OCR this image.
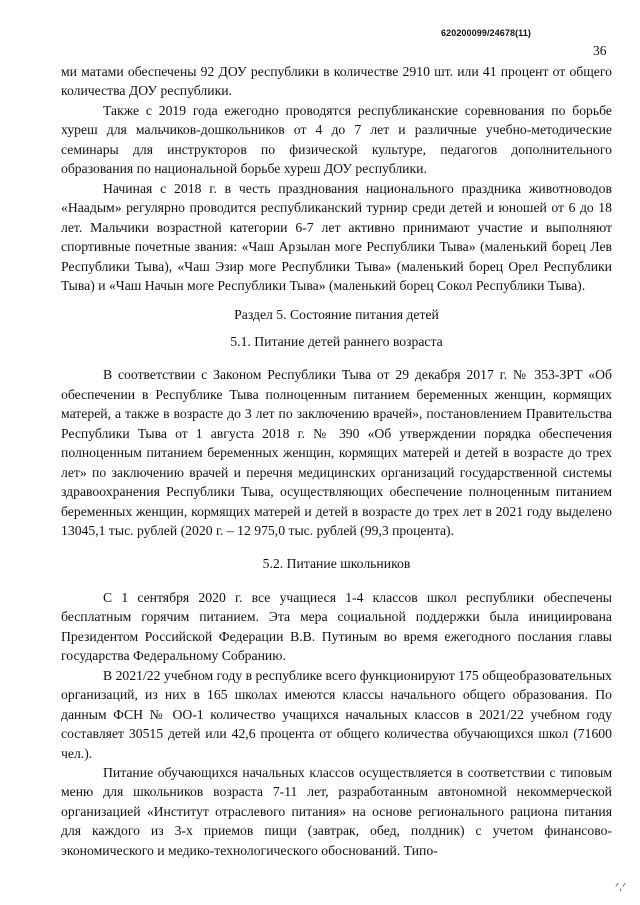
620200099/24678(11)

36

ми матами обеспечены 92 ДОУ республики в количестве 2910 шт. или 41 процент от общего количества ДОУ республики.

Также с 2019 года ежегодно проводятся республиканские соревнования по борьбе хуреш для мальчиков-дошкольников от 4 до 7 лет и различные учебно-методические семинары для инструкторов по физической культуре, педагогов дополнительного образования по национальной борьбе хуреш ДОУ республики.

Начиная с 2018 г. в честь празднования национального праздника животноводов «Наадым» регулярно проводится республиканский турнир среди детей и юношей от 6 до 18 лет. Мальчики возрастной категории 6-7 лет активно принимают участие и выполняют спортивные почетные звания: «Чаш Арзылан моге Республики Тыва» (маленький борец Лев Республики Тыва), «Чаш Эзир моге Республики Тыва» (маленький борец Орел Республики Тыва) и «Чаш Начын моге Республики Тыва» (маленький борец Сокол Республики Тыва).

Раздел 5. Состояние питания детей

5.1. Питание детей раннего возраста

В соответствии с Законом Республики Тыва от 29 декабря 2017 г. № 353-ЗРТ «Об обеспечении в Республике Тыва полноценным питанием беременных женщин, кормящих матерей, а также в возрасте до 3 лет по заключению врачей», постановлением Правительства Республики Тыва от 1 августа 2018 г. № 390 «Об утверждении порядка обеспечения полноценным питанием беременных женщин, кормящих матерей и детей в возрасте до трех лет» по заключению врачей и перечня медицинских организаций государственной системы здравоохранения Республики Тыва, осуществляющих обеспечение полноценным питанием беременных женщин, кормящих матерей и детей в возрасте до трех лет в 2021 году выделено 13045,1 тыс. рублей (2020 г. – 12 975,0 тыс. рублей (99,3 процента).

5.2. Питание школьников

С 1 сентября 2020 г. все учащиеся 1-4 классов школ республики обеспечены бесплатным горячим питанием. Эта мера социальной поддержки была инициирована Президентом Российской Федерации В.В. Путиным во время ежегодного послания главы государства Федеральному Собранию.

В 2021/22 учебном году в республике всего функционируют 175 общеобразовательных организаций, из них в 165 школах имеются классы начального общего образования. По данным ФСН № ОО-1 количество учащихся начальных классов в 2021/22 учебном году составляет 30515 детей или 42,6 процента от общего количества обучающихся школ (71600 чел.).

Питание обучающихся начальных классов осуществляется в соответствии с типовым меню для школьников возраста 7-11 лет, разработанным автономной некоммерческой организацией «Институт отраслевого питания» на основе регионального рациона питания для каждого из 3-х приемов пищи (завтрак, обед, полдник) с учетом финансово-экономического и медико-технологического обоснований. Типо-

ᐟ,ᐟ
